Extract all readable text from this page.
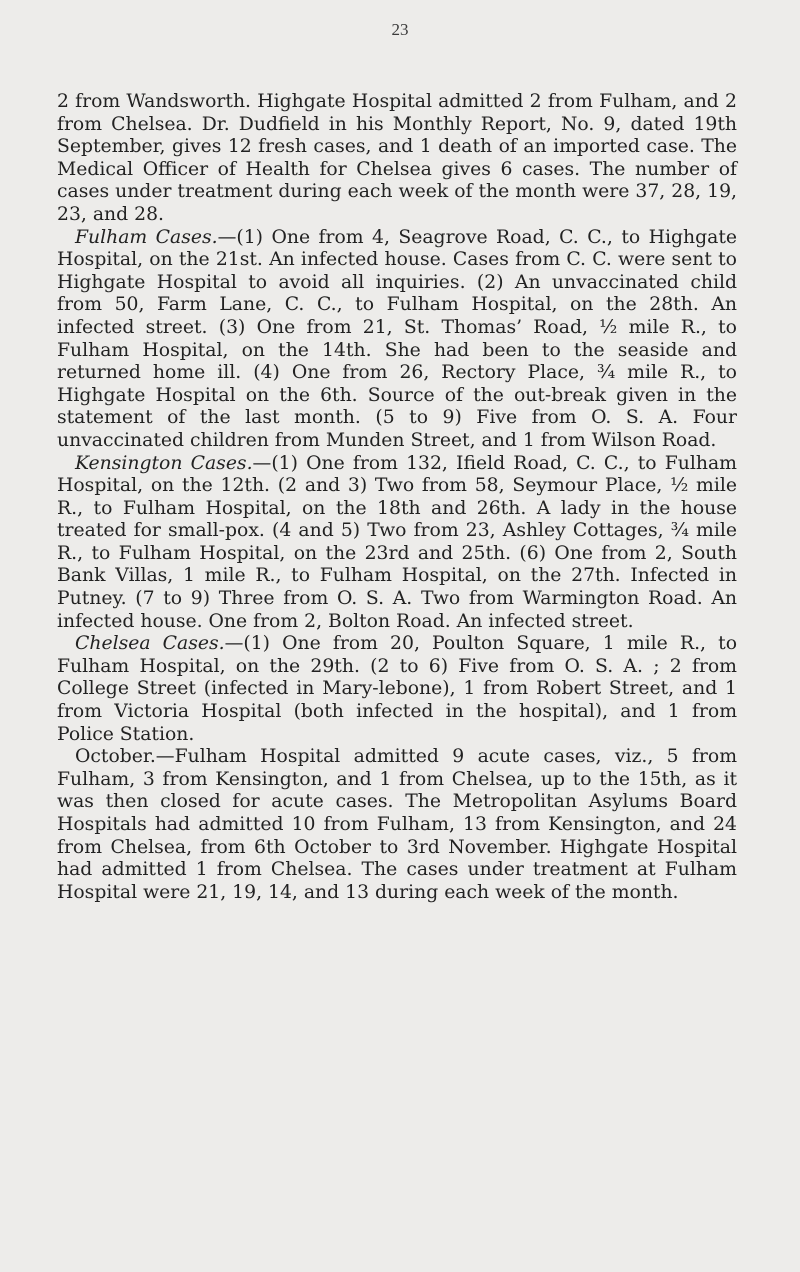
23

2 from Wandsworth. Highgate Hospital admitted 2 from Fulham, and 2 from Chelsea. Dr. Dudfield in his Monthly Report, No. 9, dated 19th September, gives 12 fresh cases, and 1 death of an imported case. The Medical Officer of Health for Chelsea gives 6 cases. The number of cases under treatment during each week of the month were 37, 28, 19, 23, and 28.

Fulham Cases.—(1) One from 4, Seagrove Road, C. C., to Highgate Hospital, on the 21st. An infected house. Cases from C. C. were sent to Highgate Hospital to avoid all inquiries. (2) An unvaccinated child from 50, Farm Lane, C. C., to Fulham Hospital, on the 28th. An infected street. (3) One from 21, St. Thomas’ Road, ½ mile R., to Fulham Hospital, on the 14th. She had been to the seaside and returned home ill. (4) One from 26, Rectory Place, ¾ mile R., to Highgate Hospital on the 6th. Source of the out-break given in the statement of the last month. (5 to 9) Five from O. S. A. Four unvaccinated children from Munden Street, and 1 from Wilson Road.

Kensington Cases.—(1) One from 132, Ifield Road, C. C., to Fulham Hospital, on the 12th. (2 and 3) Two from 58, Seymour Place, ½ mile R., to Fulham Hospital, on the 18th and 26th. A lady in the house treated for small-pox. (4 and 5) Two from 23, Ashley Cottages, ¾ mile R., to Fulham Hospital, on the 23rd and 25th. (6) One from 2, South Bank Villas, 1 mile R., to Fulham Hospital, on the 27th. Infected in Putney. (7 to 9) Three from O. S. A. Two from Warmington Road. An infected house. One from 2, Bolton Road. An infected street.

Chelsea Cases.—(1) One from 20, Poulton Square, 1 mile R., to Fulham Hospital, on the 29th. (2 to 6) Five from O. S. A. ; 2 from College Street (infected in Mary-lebone), 1 from Robert Street, and 1 from Victoria Hospital (both infected in the hospital), and 1 from Police Station.

October.—Fulham Hospital admitted 9 acute cases, viz., 5 from Fulham, 3 from Kensington, and 1 from Chelsea, up to the 15th, as it was then closed for acute cases. The Metropolitan Asylums Board Hospitals had admitted 10 from Fulham, 13 from Kensington, and 24 from Chelsea, from 6th October to 3rd November. Highgate Hospital had admitted 1 from Chelsea. The cases under treatment at Fulham Hospital were 21, 19, 14, and 13 during each week of the month.
